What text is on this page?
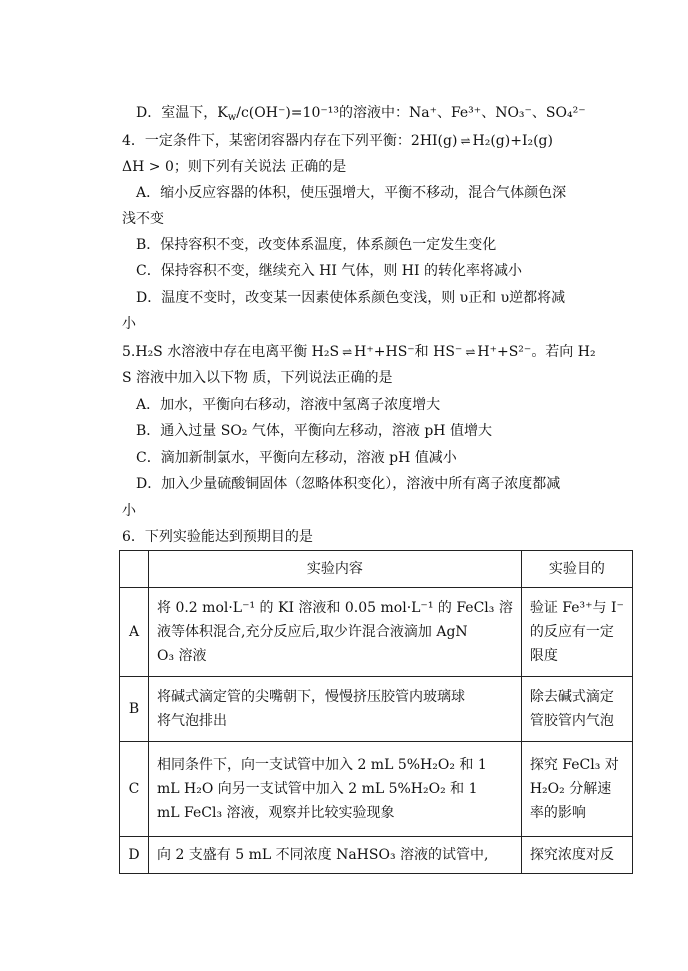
D．室温下，$K_w/c(OH^-)=10^{-13}$的溶液中：Na⁺、Fe³⁺、NO₃⁻、SO₄²⁻
4．一定条件下，某密闭容器内存在下列平衡：2HI(g) ⇌ H₂(g)+I₂(g)
ΔH > 0；则下列有关说法 正确的是
A．缩小反应容器的体积，使压强增大，平衡不移动，混合气体颜色深
浅不变
B．保持容积不变，改变体系温度，体系颜色一定发生变化
C．保持容积不变，继续充入 HI 气体，则 HI 的转化率将减小
D．温度不变时，改变某一因素使体系颜色变浅，则 υ正和 υ逆都将减
小
5.H₂S 水溶液中存在电离平衡 H₂S ⇌ H⁺+HS⁻和 HS⁻ ⇌ H⁺+S²⁻。若向 H₂
S 溶液中加入以下物 质，下列说法正确的是
A．加水，平衡向右移动，溶液中氢离子浓度增大
B．通入过量 SO₂ 气体，平衡向左移动，溶液 pH 值增大
C．滴加新制氯水，平衡向左移动，溶液 pH 值减小
D．加入少量硫酸铜固体（忽略体积变化），溶液中所有离子浓度都减
小
6．下列实验能达到预期目的是
	实验内容	实验目的
A	将 0.2 mol·L⁻¹ 的 KI 溶液和 0.05 mol·L⁻¹ 的 FeCl₃ 溶
液等体积混合,充分反应后,取少许混合液滴加 AgN
O₃ 溶液	验证 Fe³⁺与 I⁻
的反应有一定
限度

B	将碱式滴定管的尖嘴朝下，慢慢挤压胶管内玻璃球
将气泡排出	除去碱式滴定
管胶管内气泡

C	相同条件下，向一支试管中加入 2 mL 5%H₂O₂ 和 1
mL H₂O 向另一支试管中加入 2 mL 5%H₂O₂ 和 1
mL FeCl₃ 溶液，观察并比较实验现象	探究 FeCl₃ 对
H₂O₂ 分解速
率的影响

D	向 2 支盛有 5 mL 不同浓度 NaHSO₃ 溶液的试管中,	探究浓度对反
